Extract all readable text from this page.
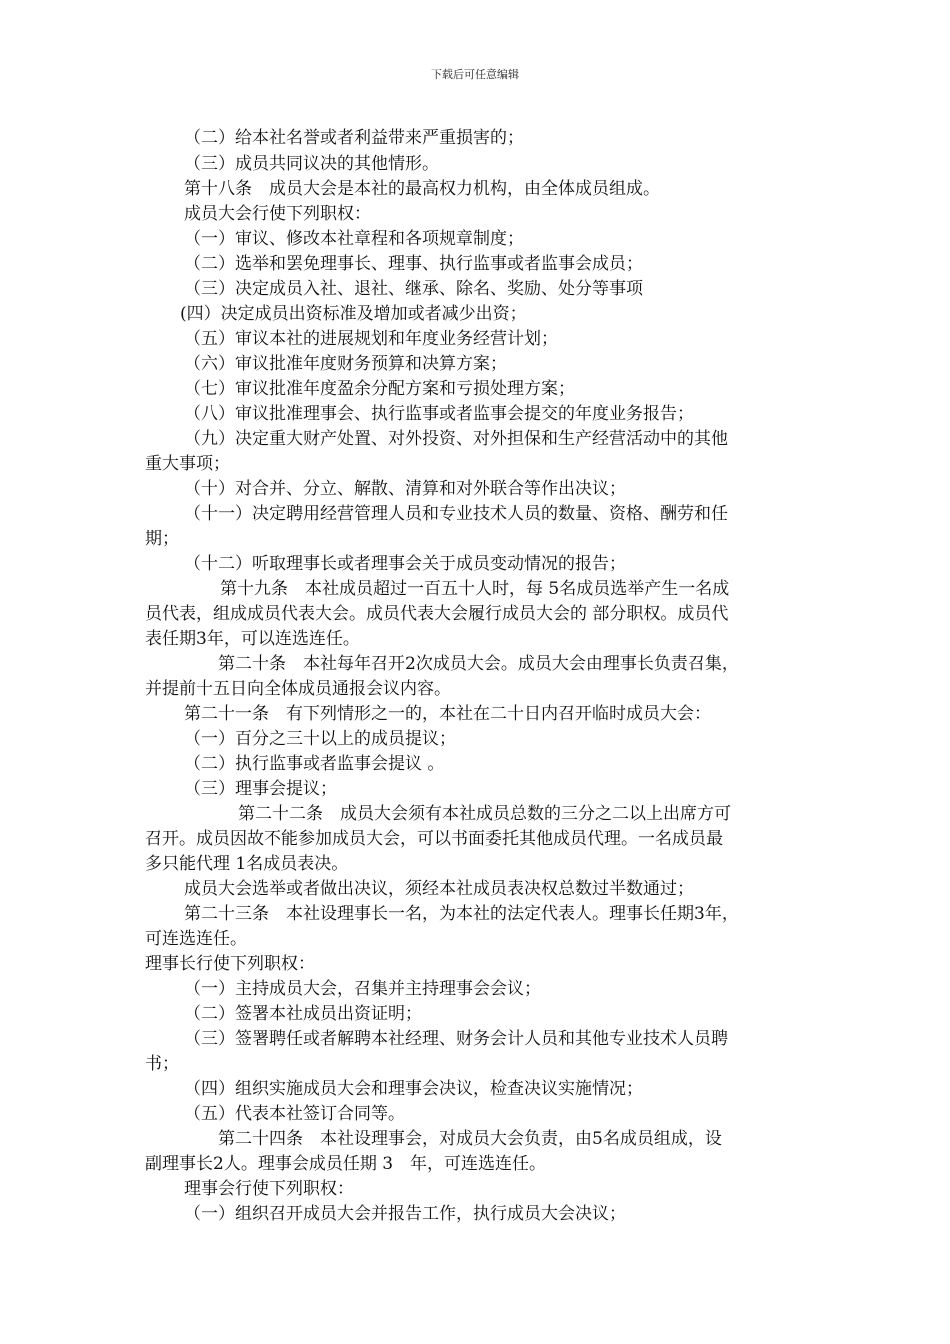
下载后可任意编辑
（二）给本社名誉或者利益带来严重损害的；
（三）成员共同议决的其他情形。
第十八条　成员大会是本社的最高权力机构，由全体成员组成。
成员大会行使下列职权：
（一）审议、修改本社章程和各项规章制度；
（二）选举和罢免理事长、理事、执行监事或者监事会成员；
（三）决定成员入社、退社、继承、除名、奖励、处分等事项
(四）决定成员出资标准及增加或者减少出资；
（五）审议本社的进展规划和年度业务经营计划；
（六）审议批准年度财务预算和决算方案；
（七）审议批准年度盈余分配方案和亏损处理方案；
（八）审议批准理事会、执行监事或者监事会提交的年度业务报告；
（九）决定重大财产处置、对外投资、对外担保和生产经营活动中的其他
重大事项；
（十）对合并、分立、解散、清算和对外联合等作出决议；
（十一）决定聘用经营管理人员和专业技术人员的数量、资格、酬劳和任
期；
（十二）听取理事长或者理事会关于成员变动情况的报告；
第十九条　本社成员超过一百五十人时，每 5名成员选举产生一名成
员代表，组成成员代表大会。成员代表大会履行成员大会的 部分职权。成员代
表任期3年，可以连选连任。
第二十条　本社每年召开2次成员大会。成员大会由理事长负责召集，
并提前十五日向全体成员通报会议内容。
第二十一条　有下列情形之一的，本社在二十日内召开临时成员大会：
（一）百分之三十以上的成员提议；
（二）执行监事或者监事会提议 。
（三）理事会提议；
第二十二条　成员大会须有本社成员总数的三分之二以上出席方可
召开。成员因故不能参加成员大会，可以书面委托其他成员代理。一名成员最
多只能代理 1名成员表决。
成员大会选举或者做出决议，须经本社成员表决权总数过半数通过；
第二十三条　本社设理事长一名，为本社的法定代表人。理事长任期3年，
可连选连任。
理事长行使下列职权：
（一）主持成员大会，召集并主持理事会会议；
（二）签署本社成员出资证明；
（三）签署聘任或者解聘本社经理、财务会计人员和其他专业技术人员聘
书；
（四）组织实施成员大会和理事会决议，检查决议实施情况；
（五）代表本社签订合同等。
第二十四条　本社设理事会，对成员大会负责，由5名成员组成，设
副理事长2人。理事会成员任期 3　年，可连选连任。
理事会行使下列职权：
（一）组织召开成员大会并报告工作，执行成员大会决议；
